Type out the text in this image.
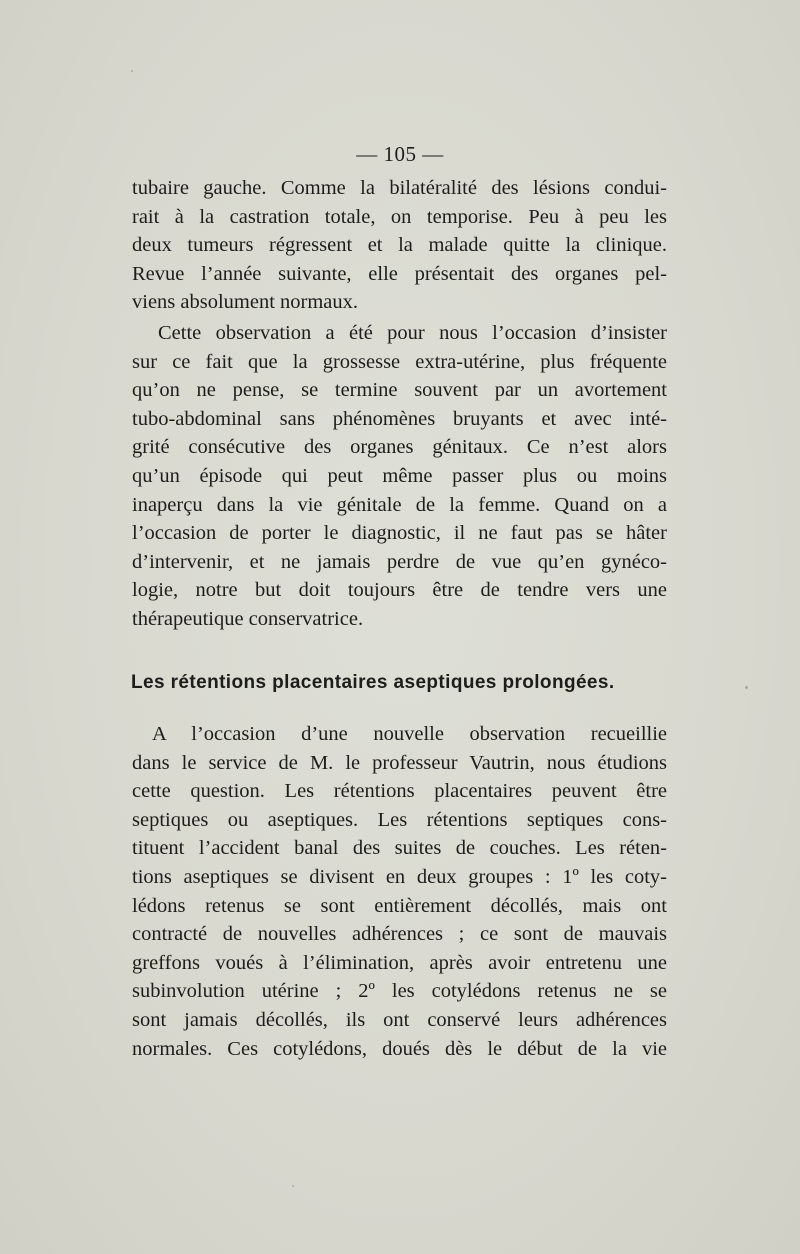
— 105 —

tubaire gauche. Comme la bilatéralité des lésions condui-
rait à la castration totale, on temporise. Peu à peu les
deux tumeurs régressent et la malade quitte la clinique.
Revue l’année suivante, elle présentait des organes pel-
viens absolument normaux.

Cette observation a été pour nous l’occasion d’insister
sur ce fait que la grossesse extra-utérine, plus fréquente
qu’on ne pense, se termine souvent par un avortement
tubo-abdominal sans phénomènes bruyants et avec inté-
grité consécutive des organes génitaux. Ce n’est alors
qu’un épisode qui peut même passer plus ou moins
inaperçu dans la vie génitale de la femme. Quand on a
l’occasion de porter le diagnostic, il ne faut pas se hâter
d’intervenir, et ne jamais perdre de vue qu’en gynéco-
logie, notre but doit toujours être de tendre vers une
thérapeutique conservatrice.

Les rétentions placentaires aseptiques prolongées.

A l’occasion d’une nouvelle observation recueillie
dans le service de M. le professeur Vautrin, nous étudions
cette question. Les rétentions placentaires peuvent être
septiques ou aseptiques. Les rétentions septiques cons-
tituent l’accident banal des suites de couches. Les réten-
tions aseptiques se divisent en deux groupes : 1º les coty-
lédons retenus se sont entièrement décollés, mais ont
contracté de nouvelles adhérences ; ce sont de mauvais
greffons voués à l’élimination, après avoir entretenu une
subinvolution utérine ; 2º les cotylédons retenus ne se
sont jamais décollés, ils ont conservé leurs adhérences
normales. Ces cotylédons, doués dès le début de la vie
